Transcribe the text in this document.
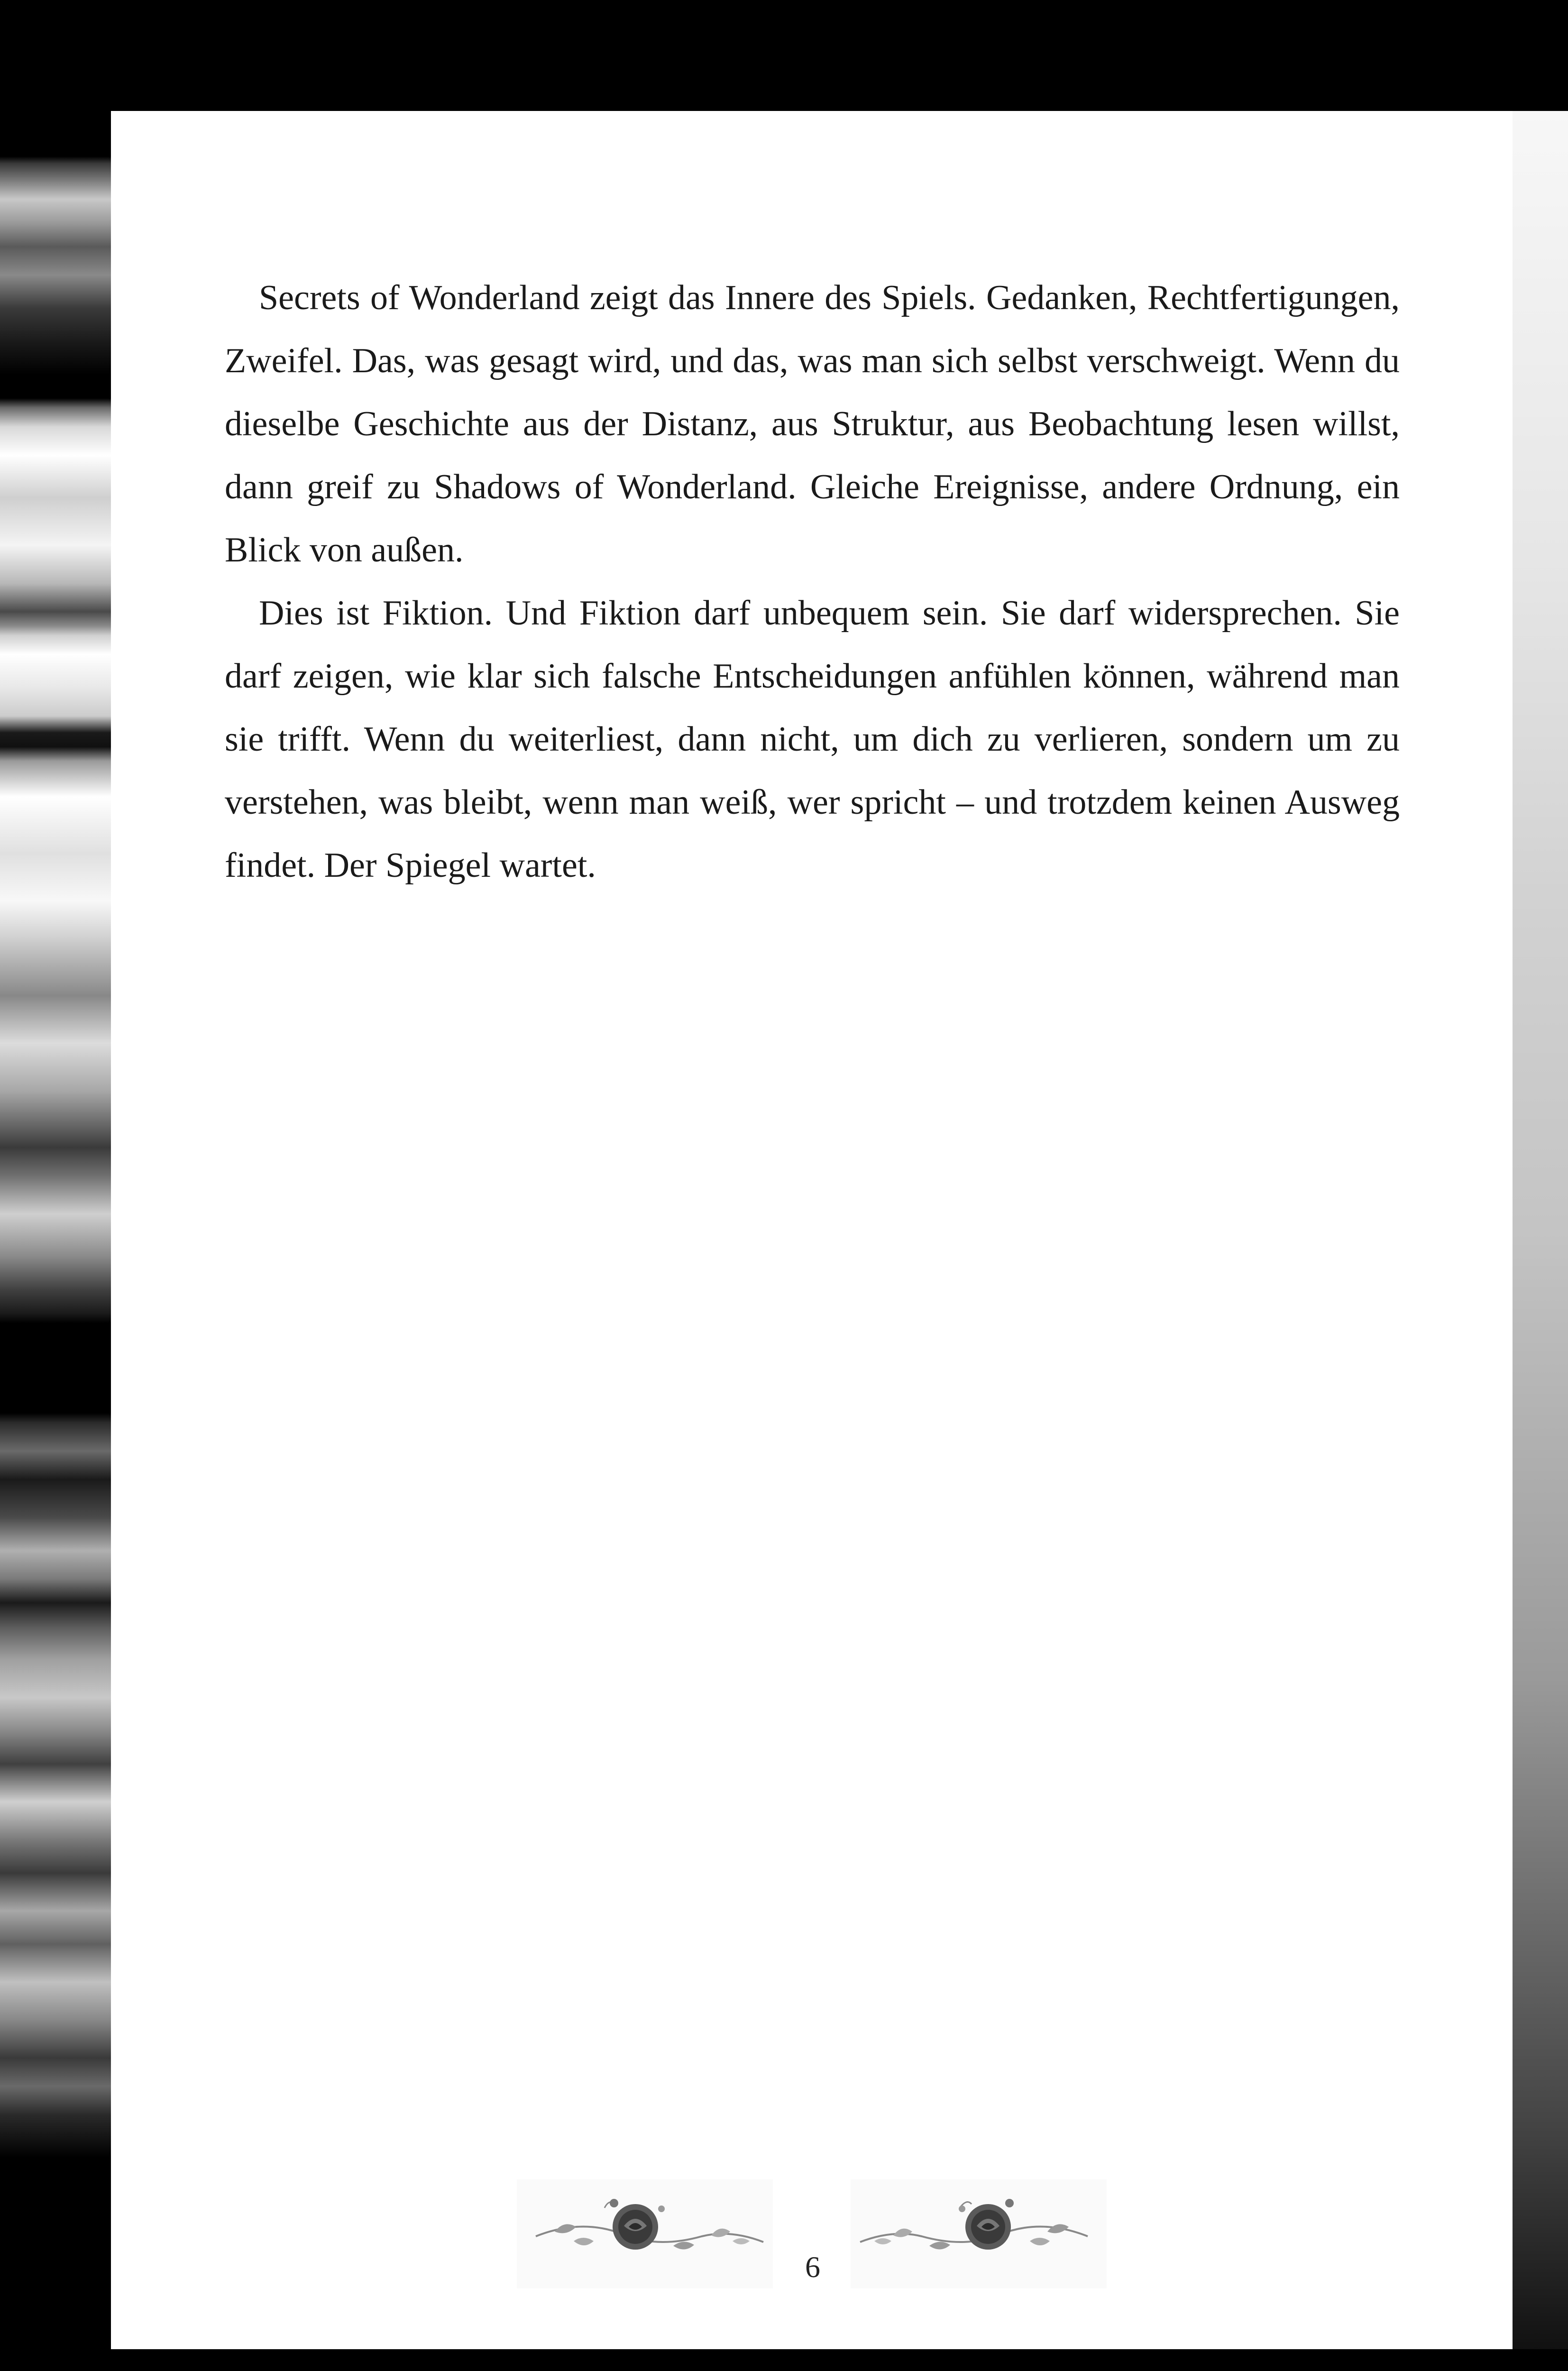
Secrets of Wonderland zeigt das Innere des Spiels. Gedanken, Rechtfertigungen, Zweifel. Das, was gesagt wird, und das, was man sich selbst verschweigt. Wenn du dieselbe Geschichte aus der Distanz, aus Struktur, aus Beobachtung lesen willst, dann greif zu Shadows of Wonderland. Gleiche Ereignisse, andere Ordnung, ein Blick von außen.

Dies ist Fiktion. Und Fiktion darf unbequem sein. Sie darf widersprechen. Sie darf zeigen, wie klar sich falsche Entscheidungen anfühlen können, während man sie trifft. Wenn du weiterliest, dann nicht, um dich zu verlieren, sondern um zu verstehen, was bleibt, wenn man weiß, wer spricht – und trotzdem keinen Ausweg findet. Der Spiegel wartet.

6
